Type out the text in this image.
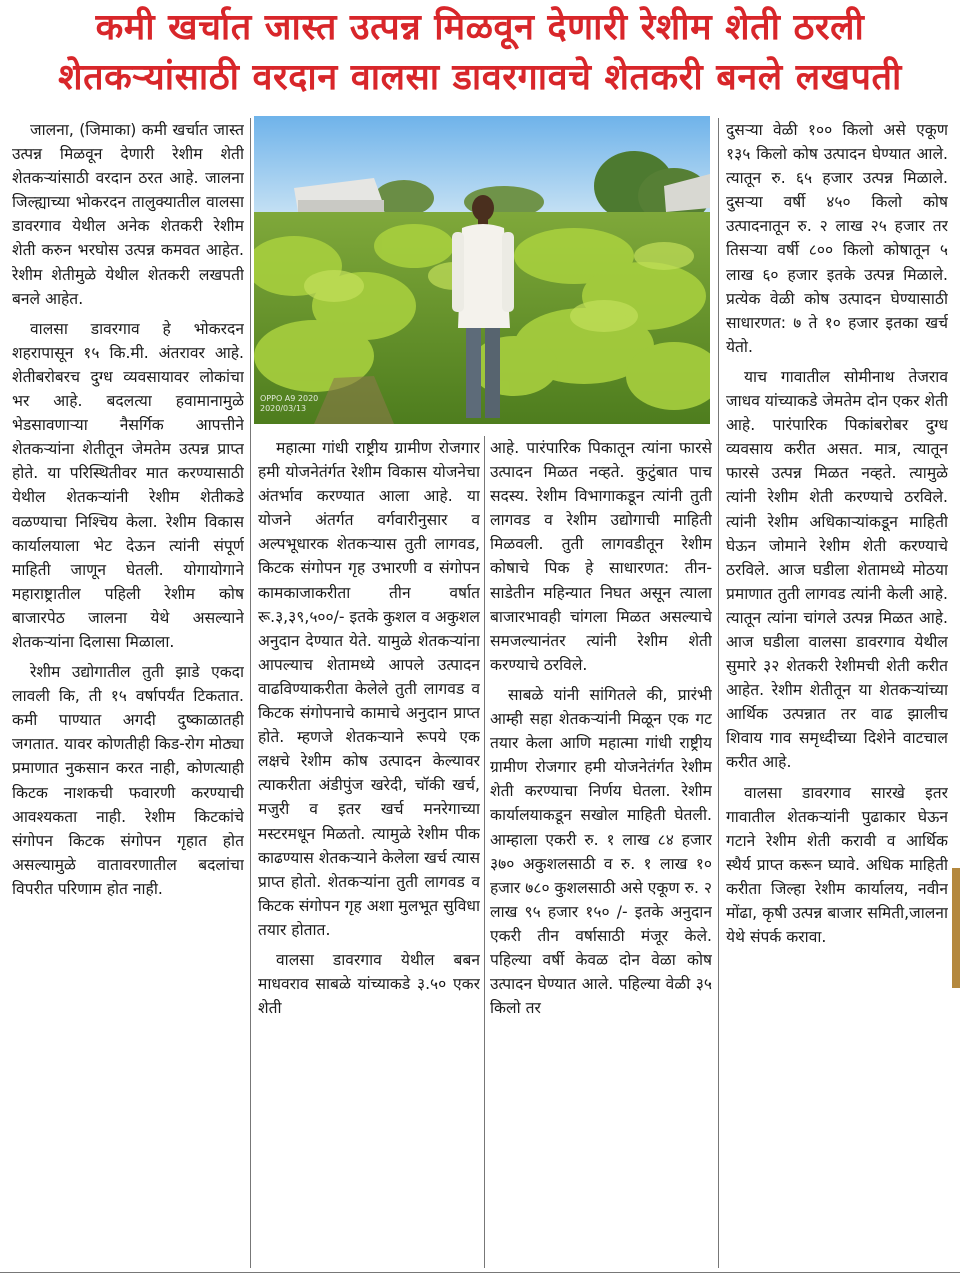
कमी खर्चात जास्त उत्पन्न मिळवून देणारी रेशीम शेती ठरली
शेतकऱ्यांसाठी वरदान वालसा डावरगावचे शेतकरी बनले लखपती
OPPO A9 2020
2020/03/13

जालना, (जिमाका) कमी खर्चात जास्त उत्पन्न मिळवून देणारी रेशीम शेती शेतकऱ्यांसाठी वरदान ठरत आहे. जालना जिल्ह्याच्या भोकरदन तालुक्यातील वालसा डावरगाव येथील अनेक शेतकरी रेशीम शेती करुन भरघोस उत्पन्न कमवत आहेत. रेशीम शेतीमुळे येथील शेतकरी लखपती बनले आहेत.

वालसा डावरगाव हे भोकरदन शहरापासून १५ कि.मी. अंतरावर आहे. शेतीबरोबरच दुग्ध व्यवसायावर लोकांचा भर आहे. बदलत्या हवामानामुळे भेडसावणाऱ्या नैसर्गिक आपत्तीने शेतकऱ्यांना शेतीतून जेमतेम उत्पन्न प्राप्त होते. या परिस्थितीवर मात करण्यासाठी येथील शेतकऱ्यांनी रेशीम शेतीकडे वळण्याचा निश्चिय केला. रेशीम विकास कार्यालयाला भेट देऊन त्यांनी संपूर्ण माहिती जाणून घेतली. योगायोगाने महाराष्ट्रातील पहिली रेशीम कोष बाजारपेठ जालना येथे असल्याने शेतकऱ्यांना दिलासा मिळाला.

रेशीम उद्योगातील तुती झाडे एकदा लावली कि, ती १५ वर्षापर्यंत टिकतात. कमी पाण्यात अगदी दुष्काळातही जगतात. यावर कोणतीही किड-रोग मोठ्या प्रमाणात नुकसान करत नाही, कोणत्याही किटक नाशकची फवारणी करण्याची आवश्यकता नाही. रेशीम किटकांचे संगोपन किटक संगोपन गृहात होत असल्यामुळे वातावरणातील बदलांचा विपरीत परिणाम होत नाही.

महात्मा गांधी राष्ट्रीय ग्रामीण रोजगार हमी योजनेतंर्गत रेशीम विकास योजनेचा अंतर्भाव करण्यात आला आहे. या योजने अंतर्गत वर्गवारीनुसार व अल्पभूधारक शेतकऱ्यास तुती लागवड, किटक संगोपन गृह उभारणी व संगोपन कामकाजाकरीता तीन वर्षात रू.३,३९,५००/- इतके कुशल व अकुशल अनुदान देण्यात येते. यामुळे शेतकऱ्यांना आपल्याच शेतामध्ये आपले उत्पादन वाढविण्याकरीता केलेले तुती लागवड व किटक संगोपनाचे कामाचे अनुदान प्राप्त होते. म्हणजे शेतकऱ्याने रूपये एक लक्षचे रेशीम कोष उत्पादन केल्यावर त्याकरीता अंडीपुंज खरेदी, चॉकी खर्च, मजुरी व इतर खर्च मनरेगाच्या मस्टरमधून मिळतो. त्यामुळे रेशीम पीक काढण्यास शेतकऱ्याने केलेला खर्च त्यास प्राप्त होतो. शेतकऱ्यांना तुती लागवड व किटक संगोपन गृह अशा मुलभूत सुविधा तयार होतात.

वालसा डावरगाव येथील बबन माधवराव साबळे यांच्याकडे ३.५० एकर शेती

आहे. पारंपारिक पिकातून त्यांना फारसे उत्पादन मिळत नव्हते. कुटुंबात पाच सदस्य. रेशीम विभागाकडून त्यांनी तुती लागवड व रेशीम उद्योगाची माहिती मिळवली. तुती लागवडीतून रेशीम कोषाचे पिक हे साधारणत: तीन-साडेतीन महिन्यात निघत असून त्याला बाजारभावही चांगला मिळत असल्याचे समजल्यानंतर त्यांनी रेशीम शेती करण्याचे ठरविले.

साबळे यांनी सांगितले की, प्रारंभी आम्ही सहा शेतकऱ्यांनी मिळून एक गट तयार केला आणि महात्मा गांधी राष्ट्रीय ग्रामीण रोजगार हमी योजनेतंर्गत रेशीम शेती करण्याचा निर्णय घेतला. रेशीम कार्यालयाकडून सखोल माहिती घेतली. आम्हाला एकरी रु. १ लाख ८४ हजार ३७० अकुशलसाठी व रु. १ लाख १० हजार ७८० कुशलसाठी असे एकूण रु. २ लाख ९५ हजार १५० /- इतके अनुदान एकरी तीन वर्षासाठी मंजूर केले. पहिल्या वर्षी केवळ दोन वेळा कोष उत्पादन घेण्यात आले. पहिल्या वेळी ३५ किलो तर

दुसऱ्या वेळी १०० किलो असे एकूण १३५ किलो कोष उत्पादन घेण्यात आले. त्यातून रु. ६५ हजार उत्पन्न मिळाले. दुसऱ्या वर्षी ४५० किलो कोष उत्पादनातून रु. २ लाख २५ हजार तर तिसऱ्या वर्षी ८०० किलो कोषातून ५ लाख ६० हजार इतके उत्पन्न मिळाले. प्रत्येक वेळी कोष उत्पादन घेण्यासाठी साधारणत: ७ ते १० हजार इतका खर्च येतो.

याच गावातील सोमीनाथ तेजराव जाधव यांच्याकडे जेमतेम दोन एकर शेती आहे. पारंपारिक पिकांबरोबर दुग्ध व्यवसाय करीत असत. मात्र, त्यातून फारसे उत्पन्न मिळत नव्हते. त्यामुळे त्यांनी रेशीम शेती करण्याचे ठरविले. त्यांनी रेशीम अधिकाऱ्यांकडून माहिती घेऊन जोमाने रेशीम शेती करण्याचे ठरविले. आज घडीला शेतामध्ये मोठया प्रमाणात तुती लागवड त्यांनी केली आहे. त्यातून त्यांना चांगले उत्पन्न मिळत आहे. आज घडीला वालसा डावरगाव येथील सुमारे ३२ शेतकरी रेशीमची शेती करीत आहेत. रेशीम शेतीतून या शेतकऱ्यांच्या आर्थिक उत्पन्नात तर वाढ झालीच शिवाय गाव समृध्दीच्या दिशेने वाटचाल करीत आहे.

वालसा डावरगाव सारखे इतर गावातील शेतकऱ्यांनी पुढाकार घेऊन गटाने रेशीम शेती करावी व आर्थिक स्थैर्य प्राप्त करून घ्यावे. अधिक माहिती करीता जिल्हा रेशीम कार्यालय, नवीन मोंढा, कृषी उत्पन्न बाजार समिती,जालना येथे संपर्क करावा.
